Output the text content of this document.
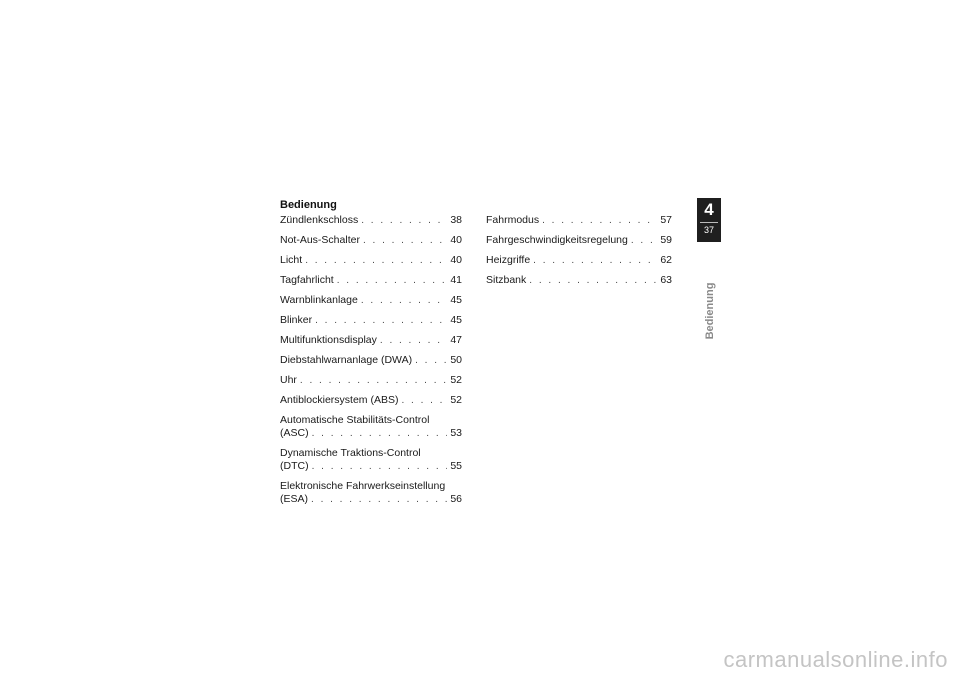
Bedienung
Zündlenkschloss . . .	38
Not-Aus-Schalter . . .	40
Licht . . .	40
Tagfahrlicht . . .	41
Warnblinkanlage . . .	45
Blinker . . .	45
Multifunktionsdisplay . . .	47
Diebstahlwarnanlage (DWA) . . .	50
Uhr . . .	52
Antiblockiersystem (ABS) . . .	52
Automatische Stabilitäts-Control
(ASC) . . .	53
Dynamische Traktions-Control
(DTC) . . .	55
Elektronische Fahrwerkseinstellung
(ESA) . . .	56
Fahrmodus . . .	57
Fahrgeschwindigkeitsregelung . . .	59
Heizgriffe . . .	62
Sitzbank . . .	63
4
37
Bedienung
carmanualsonline.info
